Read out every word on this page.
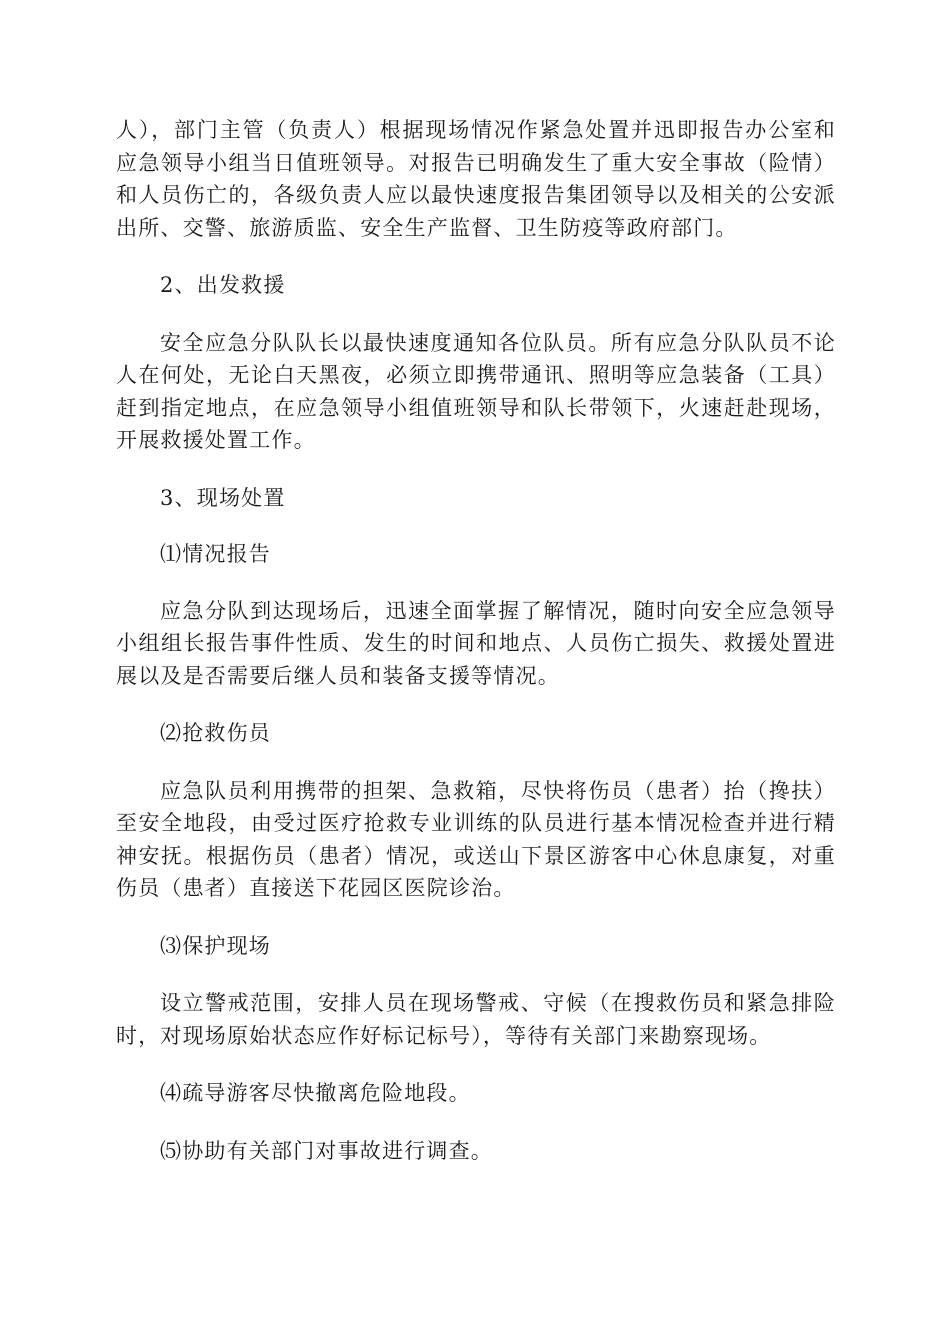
人），部门主管（负责人）根据现场情况作紧急处置并迅即报告办公室和应急领导小组当日值班领导。对报告已明确发生了重大安全事故（险情）和人员伤亡的，各级负责人应以最快速度报告集团领导以及相关的公安派出所、交警、旅游质监、安全生产监督、卫生防疫等政府部门。

2、出发救援

安全应急分队队长以最快速度通知各位队员。所有应急分队队员不论人在何处，无论白天黑夜，必须立即携带通讯、照明等应急装备（工具）赶到指定地点，在应急领导小组值班领导和队长带领下，火速赶赴现场，开展救援处置工作。

3、现场处置

⑴情况报告

应急分队到达现场后，迅速全面掌握了解情况，随时向安全应急领导小组组长报告事件性质、发生的时间和地点、人员伤亡损失、救援处置进展以及是否需要后继人员和装备支援等情况。

⑵抢救伤员

应急队员利用携带的担架、急救箱，尽快将伤员（患者）抬（搀扶）至安全地段，由受过医疗抢救专业训练的队员进行基本情况检查并进行精神安抚。根据伤员（患者）情况，或送山下景区游客中心休息康复，对重伤员（患者）直接送下花园区医院诊治。

⑶保护现场

设立警戒范围，安排人员在现场警戒、守候（在搜救伤员和紧急排险时，对现场原始状态应作好标记标号），等待有关部门来勘察现场。

⑷疏导游客尽快撤离危险地段。

⑸协助有关部门对事故进行调查。
